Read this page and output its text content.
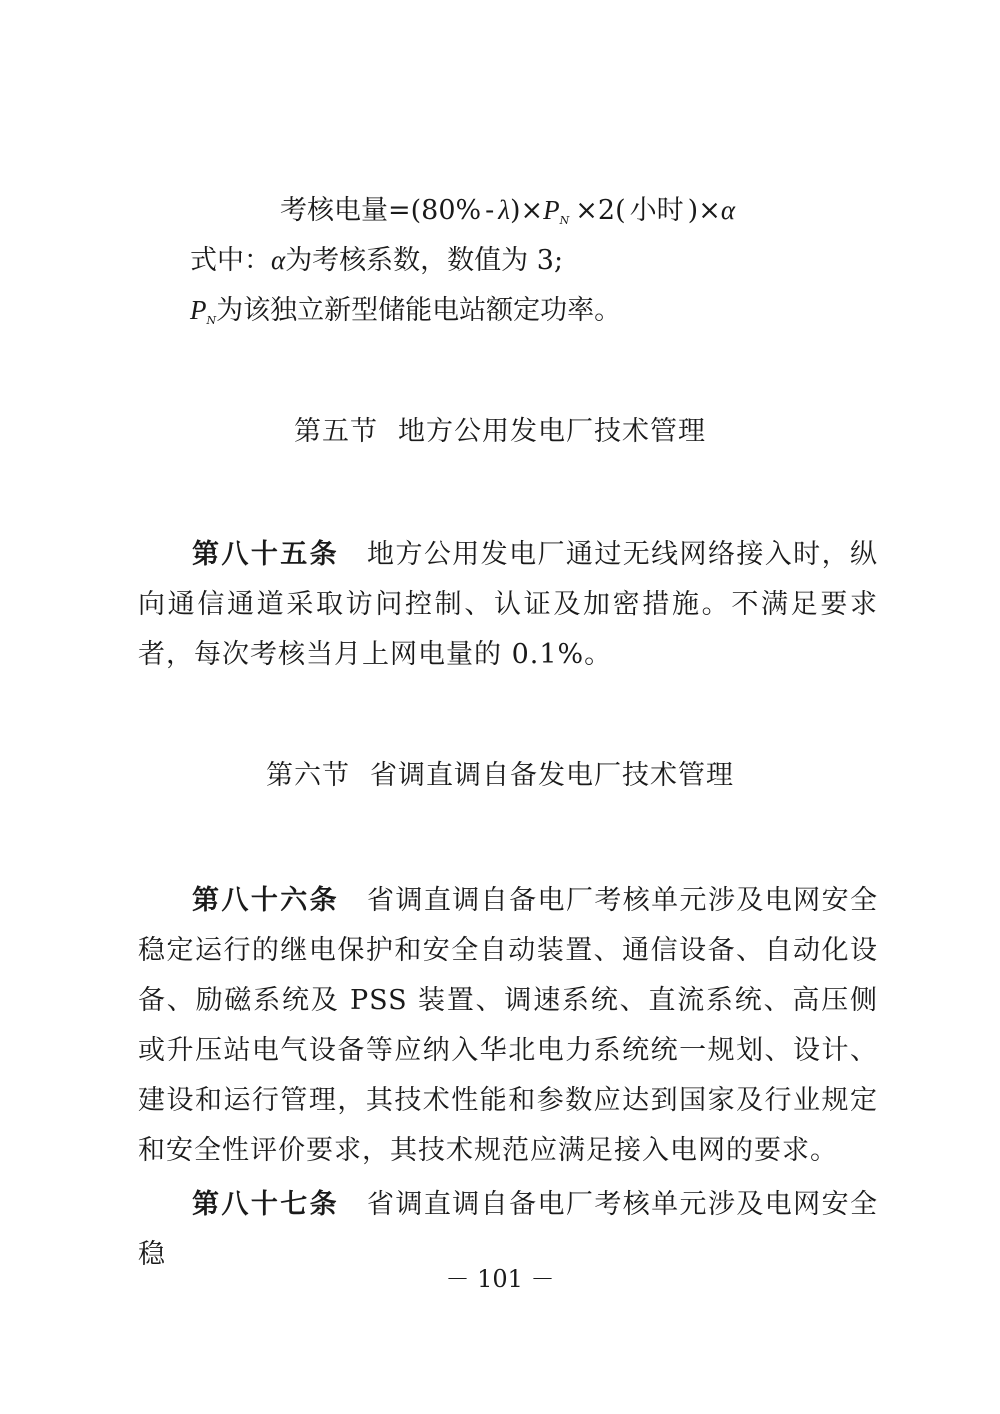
考核电量$=(80\% - \lambda)\times P_N \times 2$( 小时 )×α
式中：α为考核系数，数值为 3;
$P_N$为该独立新型储能电站额定功率。
第五节 地方公用发电厂技术管理
第八十五条 地方公用发电厂通过无线网络接入时，纵向通信通道采取访问控制、认证及加密措施。不满足要求者，每次考核当月上网电量的 0.1%。
第六节 省调直调自备发电厂技术管理
第八十六条 省调直调自备电厂考核单元涉及电网安全稳定运行的继电保护和安全自动装置、通信设备、自动化设备、励磁系统及 PSS 装置、调速系统、直流系统、高压侧或升压站电气设备等应纳入华北电力系统统一规划、设计、建设和运行管理，其技术性能和参数应达到国家及行业规定和安全性评价要求，其技术规范应满足接入电网的要求。
第八十七条 省调直调自备电厂考核单元涉及电网安全稳
－ 101 －
